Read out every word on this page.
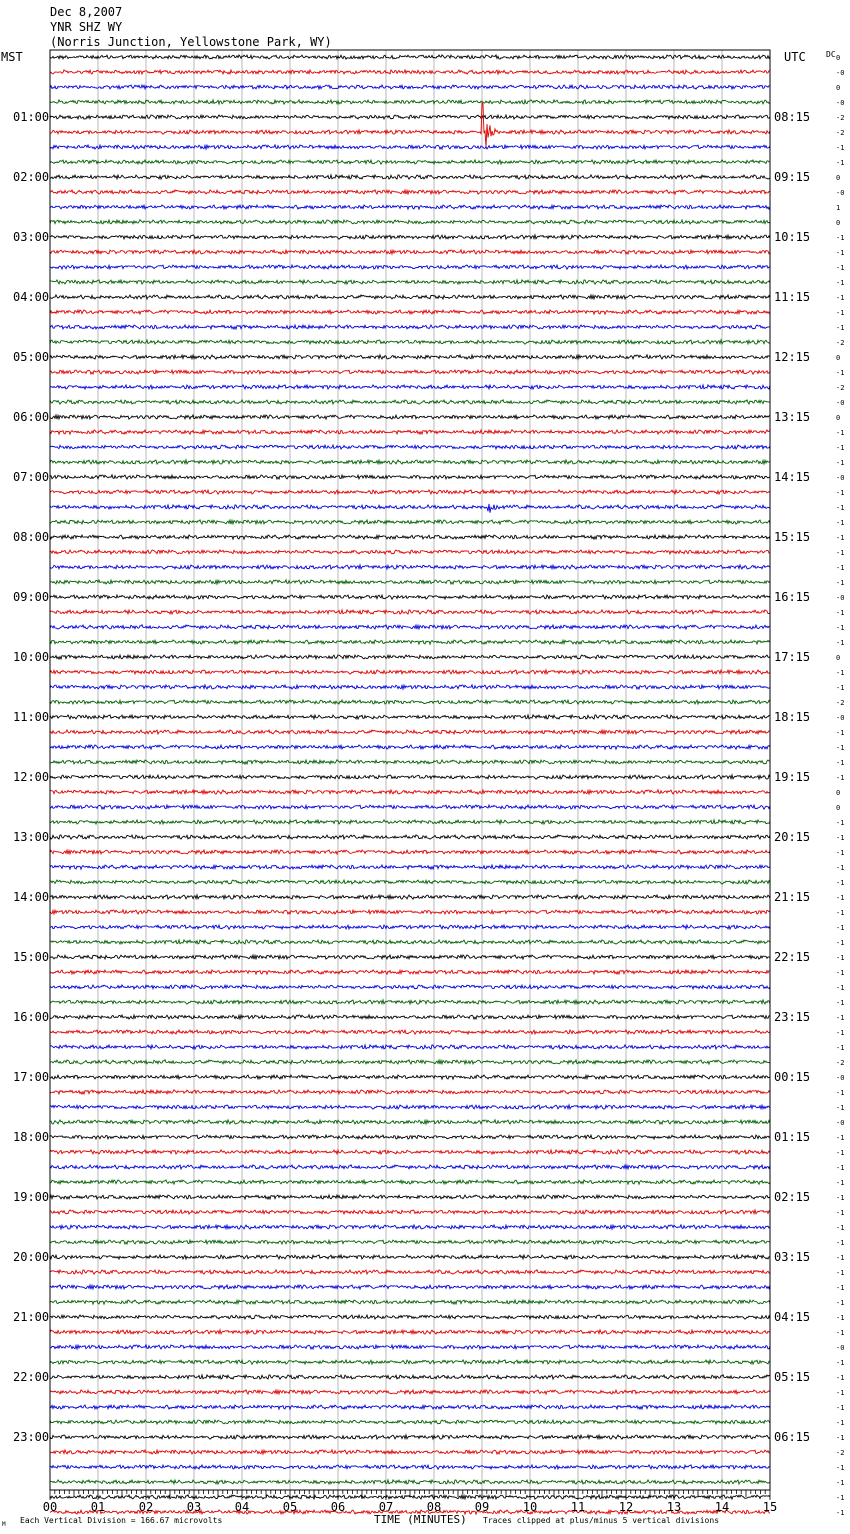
0
-0
0
-0
-2
-2
-1
-1
0
-0
1
0
-1
-1
-1
-1
-1
-1
-1
-2
0
-1
-2
-0
0
-1
-1
-1
-0
-1
-1
-1
-1
-1
-1
-1
-0
-1
-1
-1
0
-1
-1
-2
-0
-1
-1
-1
-1
0
0
-1
-1
-1
-1
-1
-1
-1
-1
-1
-1
-1
-1
-1
-1
-1
-1
-2
-0
-1
-1
-0
-1
-1
-1
-1
-1
-1
-1
-1
-1
-1
-1
-1
-1
-1
-0
-1
-1
-1
-1
-1
-1
-2
-1
-1
-1
-1
01:00
02:00
03:00
04:00
05:00
06:00
07:00
08:00
09:00
10:00
11:00
12:00
13:00
14:00
15:00
16:00
17:00
18:00
19:00
20:00
21:00
22:00
23:00
08:15
09:15
10:15
11:15
12:15
13:15
14:15
15:15
16:15
17:15
18:15
19:15
20:15
21:15
22:15
23:15
00:15
01:15
02:15
03:15
04:15
05:15
06:15
00	01	02	03	04	05	06	07	08	09	10	11	12	13	14	15
Dec 8,2007
YNR SHZ WY
(Norris Junction, Yellowstone Park, WY)
MST	UTC	DC
TIME (MINUTES)
Each Vertical Division = 166.67 microvolts	Traces clipped at plus/minus 5 vertical divisions
M
